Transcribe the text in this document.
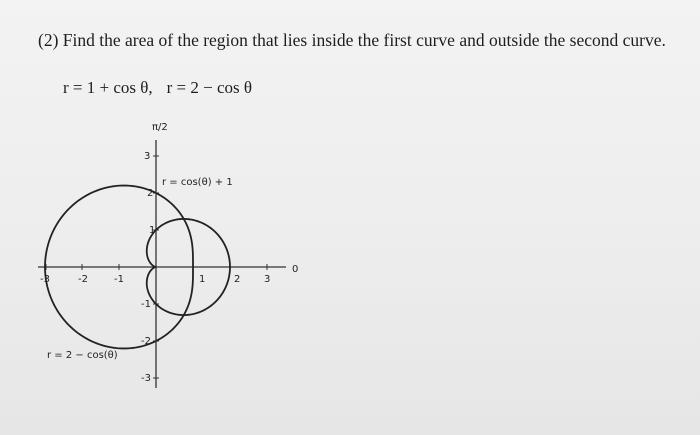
(2) Find the area of the region that lies inside the first curve and outside the second curve.
r = 1 + cos θ, r = 2 − cos θ
π/2
0
-3	-2	-1	1	2 3
3
2
1
-1
-2
-3
r = cos(θ) + 1
r = 2 − cos(θ)
